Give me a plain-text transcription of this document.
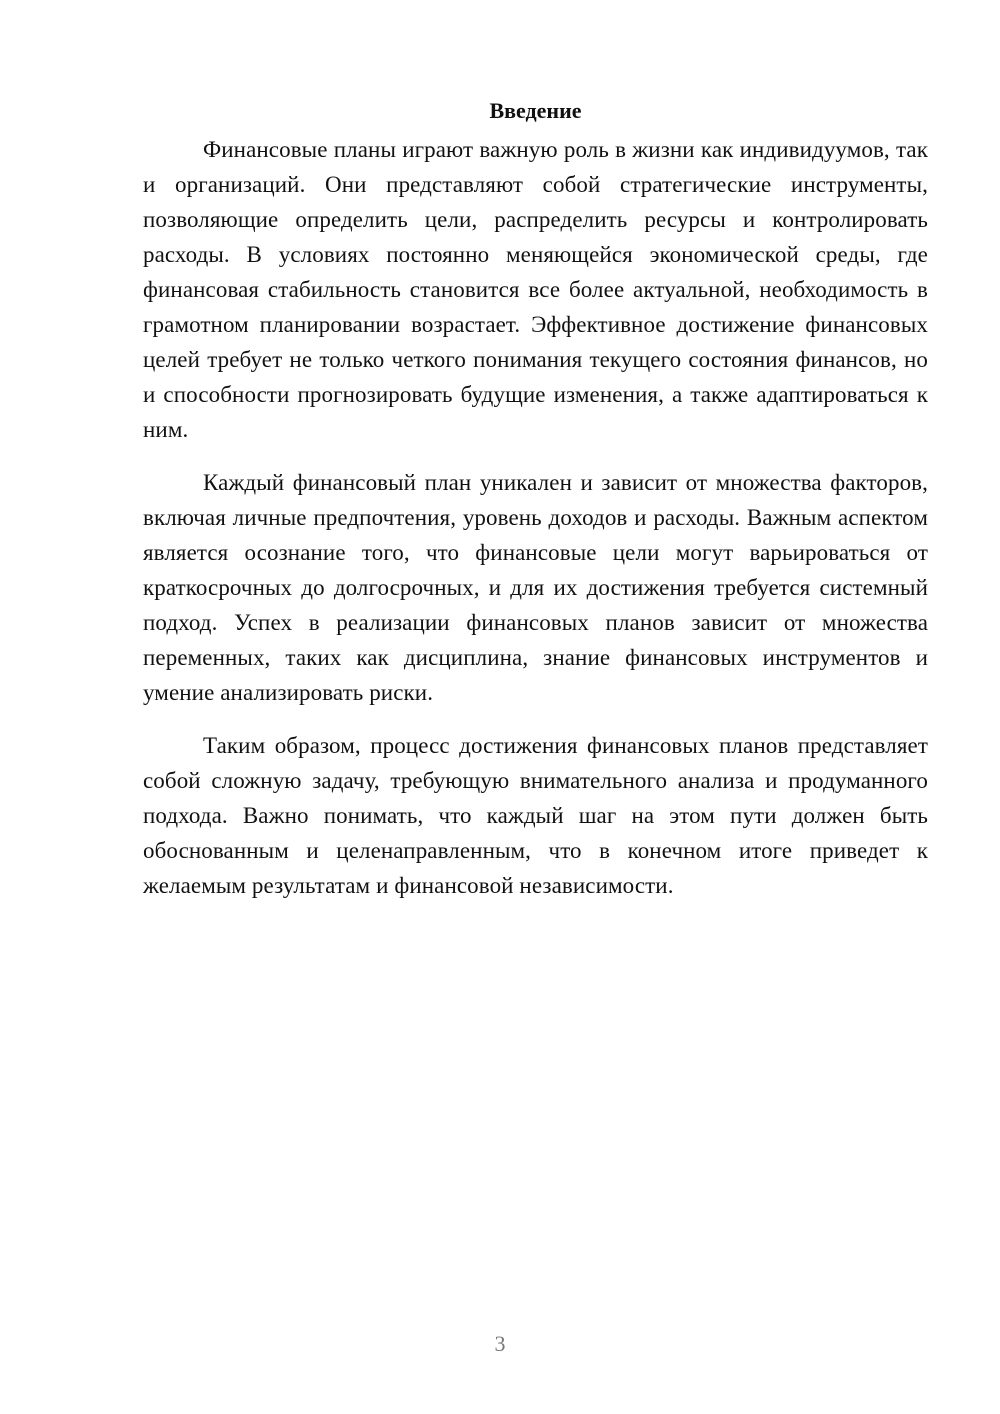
Введение

Финансовые планы играют важную роль в жизни как индивидуумов, так и организаций. Они представляют собой стратегические инструменты, позволяющие определить цели, распределить ресурсы и контролировать расходы. В условиях постоянно меняющейся экономической среды, где финансовая стабильность становится все более актуальной, необходимость в грамотном планировании возрастает. Эффективное достижение финансовых целей требует не только четкого понимания текущего состояния финансов, но и способности прогнозировать будущие изменения, а также адаптироваться к ним.

Каждый финансовый план уникален и зависит от множества факторов, включая личные предпочтения, уровень доходов и расходы. Важным аспектом является осознание того, что финансовые цели могут варьироваться от краткосрочных до долгосрочных, и для их достижения требуется системный подход. Успех в реализации финансовых планов зависит от множества переменных, таких как дисциплина, знание финансовых инструментов и умение анализировать риски.

Таким образом, процесс достижения финансовых планов представляет собой сложную задачу, требующую внимательного анализа и продуманного подхода. Важно понимать, что каждый шаг на этом пути должен быть обоснованным и целенаправленным, что в конечном итоге приведет к желаемым результатам и финансовой независимости.

3
